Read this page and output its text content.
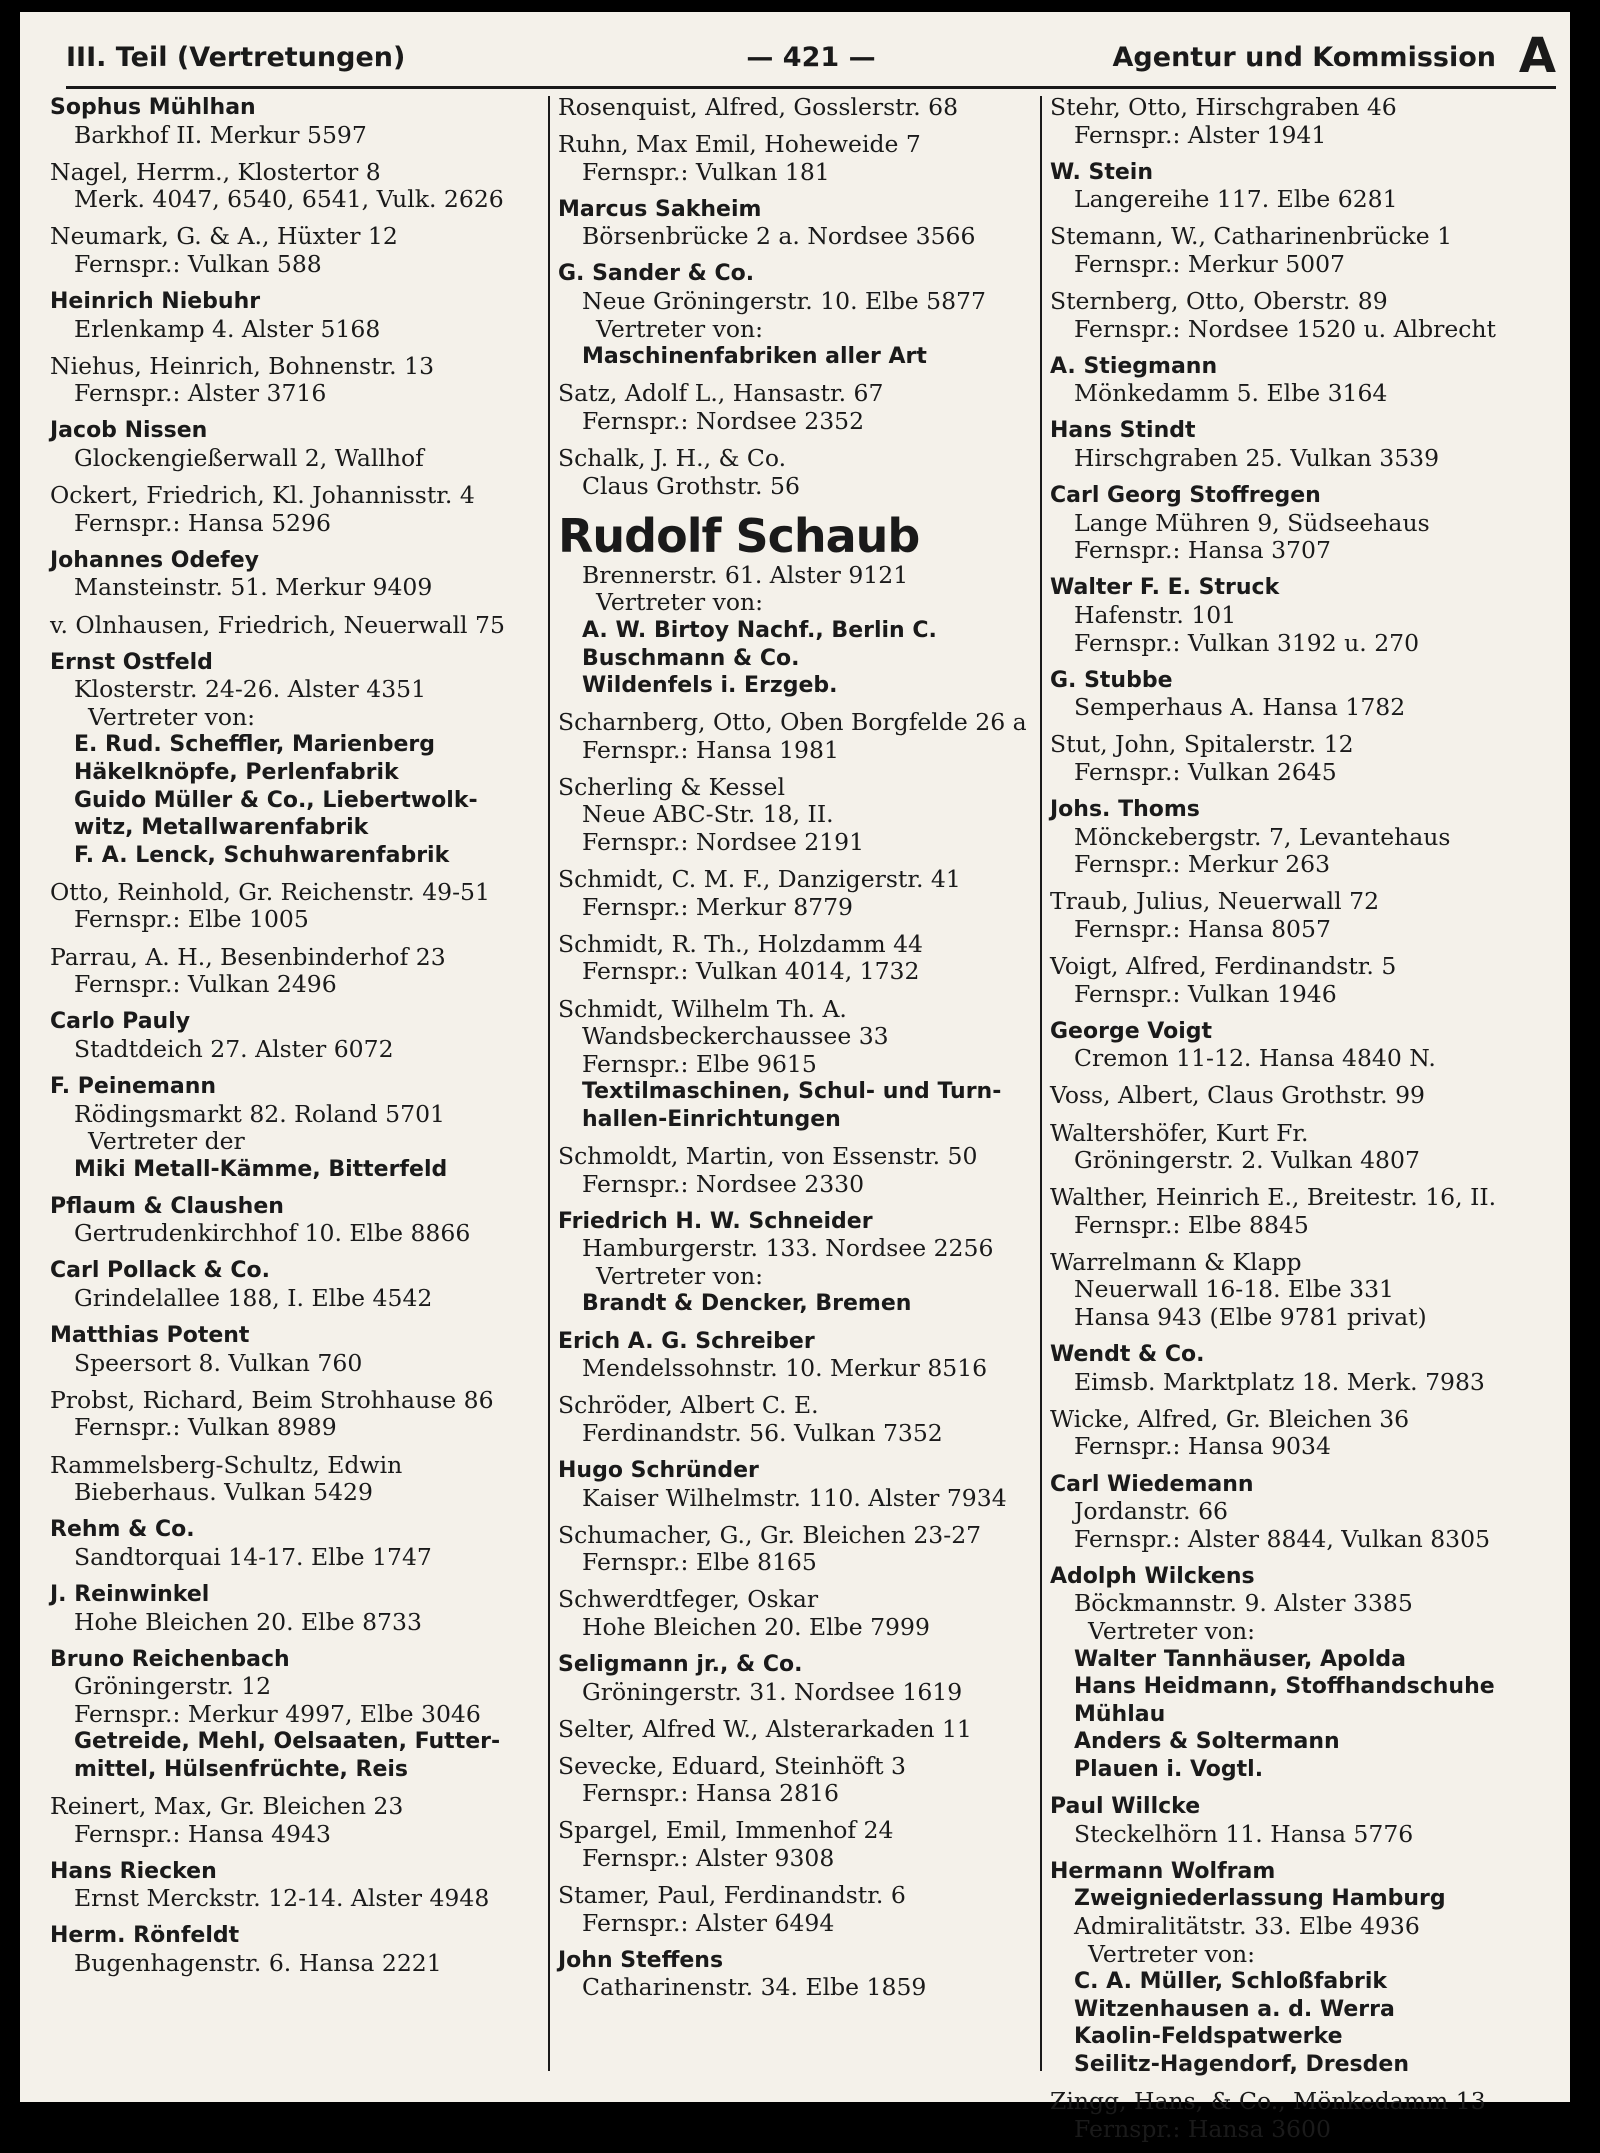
III. Teil (Vertretungen)	— 421 —	Agentur und Kommission A
Sophus Mühlhan
Barkhof II. Merkur 5597
Nagel, Herrm., Klostertor 8
Merk. 4047, 6540, 6541, Vulk. 2626
Neumark, G. & A., Hüxter 12
Fernspr.: Vulkan 588
Heinrich Niebuhr
Erlenkamp 4. Alster 5168
Niehus, Heinrich, Bohnenstr. 13
Fernspr.: Alster 3716
Jacob Nissen
Glockengießerwall 2, Wallhof
Ockert, Friedrich, Kl. Johannisstr. 4
Fernspr.: Hansa 5296
Johannes Odefey
Mansteinstr. 51. Merkur 9409
v. Olnhausen, Friedrich, Neuerwall 75
Ernst Ostfeld
Klosterstr. 24-26. Alster 4351
Vertreter von:
E. Rud. Scheffler, Marienberg
Häkelknöpfe, Perlenfabrik
Guido Müller & Co., Liebertwolk-
witz, Metallwarenfabrik
F. A. Lenck, Schuhwarenfabrik
Otto, Reinhold, Gr. Reichenstr. 49-51
Fernspr.: Elbe 1005
Parrau, A. H., Besenbinderhof 23
Fernspr.: Vulkan 2496
Carlo Pauly
Stadtdeich 27. Alster 6072
F. Peinemann
Rödingsmarkt 82. Roland 5701
Vertreter der
Miki Metall-Kämme, Bitterfeld
Pflaum & Claushen
Gertrudenkirchhof 10. Elbe 8866
Carl Pollack & Co.
Grindelallee 188, I. Elbe 4542
Matthias Potent
Speersort 8. Vulkan 760
Probst, Richard, Beim Strohhause 86
Fernspr.: Vulkan 8989
Rammelsberg-Schultz, Edwin
Bieberhaus. Vulkan 5429
Rehm & Co.
Sandtorquai 14-17. Elbe 1747
J. Reinwinkel
Hohe Bleichen 20. Elbe 8733
Bruno Reichenbach
Gröningerstr. 12
Fernspr.: Merkur 4997, Elbe 3046
Getreide, Mehl, Oelsaaten, Futter-
mittel, Hülsenfrüchte, Reis
Reinert, Max, Gr. Bleichen 23
Fernspr.: Hansa 4943
Hans Riecken
Ernst Merckstr. 12-14. Alster 4948
Herm. Rönfeldt
Bugenhagenstr. 6. Hansa 2221
Rosenquist, Alfred, Gosslerstr. 68
Ruhn, Max Emil, Hoheweide 7
Fernspr.: Vulkan 181
Marcus Sakheim
Börsenbrücke 2 a. Nordsee 3566
G. Sander & Co.
Neue Gröningerstr. 10. Elbe 5877
Vertreter von:
Maschinenfabriken aller Art
Satz, Adolf L., Hansastr. 67
Fernspr.: Nordsee 2352
Schalk, J. H., & Co.
Claus Grothstr. 56
Rudolf Schaub
Brennerstr. 61. Alster 9121
Vertreter von:
A. W. Birtoy Nachf., Berlin C.
Buschmann & Co.
Wildenfels i. Erzgeb.
Scharnberg, Otto, Oben Borgfelde 26 a
Fernspr.: Hansa 1981
Scherling & Kessel
Neue ABC-Str. 18, II.
Fernspr.: Nordsee 2191
Schmidt, C. M. F., Danzigerstr. 41
Fernspr.: Merkur 8779
Schmidt, R. Th., Holzdamm 44
Fernspr.: Vulkan 4014, 1732
Schmidt, Wilhelm Th. A.
Wandsbeckerchaussee 33
Fernspr.: Elbe 9615
Textilmaschinen, Schul- und Turn-
hallen-Einrichtungen
Schmoldt, Martin, von Essenstr. 50
Fernspr.: Nordsee 2330
Friedrich H. W. Schneider
Hamburgerstr. 133. Nordsee 2256
Vertreter von:
Brandt & Dencker, Bremen
Erich A. G. Schreiber
Mendelssohnstr. 10. Merkur 8516
Schröder, Albert C. E.
Ferdinandstr. 56. Vulkan 7352
Hugo Schründer
Kaiser Wilhelmstr. 110. Alster 7934
Schumacher, G., Gr. Bleichen 23-27
Fernspr.: Elbe 8165
Schwerdtfeger, Oskar
Hohe Bleichen 20. Elbe 7999
Seligmann jr., & Co.
Gröningerstr. 31. Nordsee 1619
Selter, Alfred W., Alsterarkaden 11
Sevecke, Eduard, Steinhöft 3
Fernspr.: Hansa 2816
Spargel, Emil, Immenhof 24
Fernspr.: Alster 9308
Stamer, Paul, Ferdinandstr. 6
Fernspr.: Alster 6494
John Steffens
Catharinenstr. 34. Elbe 1859
Stehr, Otto, Hirschgraben 46
Fernspr.: Alster 1941
W. Stein
Langereihe 117. Elbe 6281
Stemann, W., Catharinenbrücke 1
Fernspr.: Merkur 5007
Sternberg, Otto, Oberstr. 89
Fernspr.: Nordsee 1520 u. Albrecht
A. Stiegmann
Mönkedamm 5. Elbe 3164
Hans Stindt
Hirschgraben 25. Vulkan 3539
Carl Georg Stoffregen
Lange Mühren 9, Südseehaus
Fernspr.: Hansa 3707
Walter F. E. Struck
Hafenstr. 101
Fernspr.: Vulkan 3192 u. 270
G. Stubbe
Semperhaus A. Hansa 1782
Stut, John, Spitalerstr. 12
Fernspr.: Vulkan 2645
Johs. Thoms
Mönckebergstr. 7, Levantehaus
Fernspr.: Merkur 263
Traub, Julius, Neuerwall 72
Fernspr.: Hansa 8057
Voigt, Alfred, Ferdinandstr. 5
Fernspr.: Vulkan 1946
George Voigt
Cremon 11-12. Hansa 4840 N.
Voss, Albert, Claus Grothstr. 99
Waltershöfer, Kurt Fr.
Gröningerstr. 2. Vulkan 4807
Walther, Heinrich E., Breitestr. 16, II.
Fernspr.: Elbe 8845
Warrelmann & Klapp
Neuerwall 16-18. Elbe 331
Hansa 943 (Elbe 9781 privat)
Wendt & Co.
Eimsb. Marktplatz 18. Merk. 7983
Wicke, Alfred, Gr. Bleichen 36
Fernspr.: Hansa 9034
Carl Wiedemann
Jordanstr. 66
Fernspr.: Alster 8844, Vulkan 8305
Adolph Wilckens
Böckmannstr. 9. Alster 3385
Vertreter von:
Walter Tannhäuser, Apolda
Hans Heidmann, Stoffhandschuhe
Mühlau
Anders & Soltermann
Plauen i. Vogtl.
Paul Willcke
Steckelhörn 11. Hansa 5776
Hermann Wolfram
Zweigniederlassung Hamburg
Admiralitätstr. 33. Elbe 4936
Vertreter von:
C. A. Müller, Schloßfabrik
Witzenhausen a. d. Werra
Kaolin-Feldspatwerke
Seilitz-Hagendorf, Dresden
Zingg, Hans, & Co., Mönkedamm 13
Fernspr.: Hansa 3600
